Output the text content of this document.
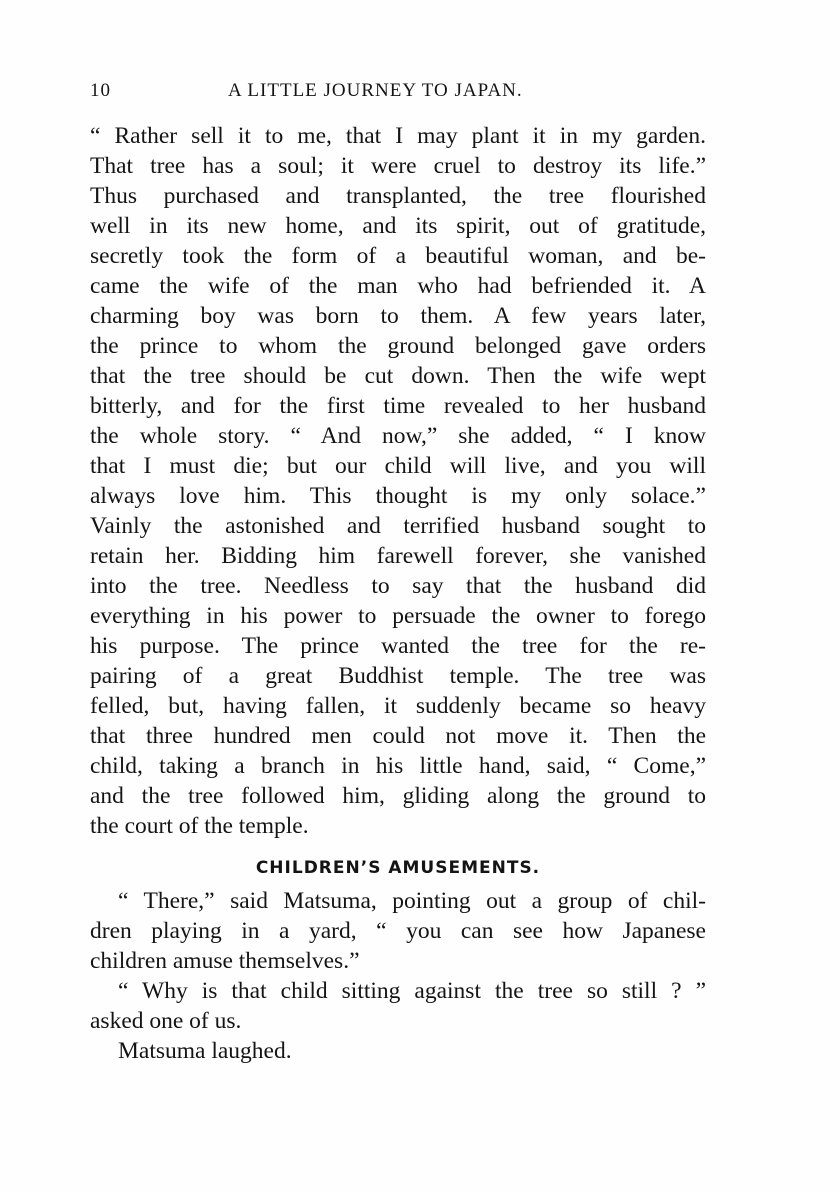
10	A LITTLE JOURNEY TO JAPAN.
“ Rather sell it to me, that I may plant it in my garden.
That tree has a soul; it were cruel to destroy its life.”
Thus purchased and transplanted, the tree flourished
well in its new home, and its spirit, out of gratitude,
secretly took the form of a beautiful woman, and be-
came the wife of the man who had befriended it. A
charming boy was born to them. A few years later,
the prince to whom the ground belonged gave orders
that the tree should be cut down. Then the wife wept
bitterly, and for the first time revealed to her husband
the whole story. “ And now,” she added, “ I know
that I must die; but our child will live, and you will
always love him. This thought is my only solace.”
Vainly the astonished and terrified husband sought to
retain her. Bidding him farewell forever, she vanished
into the tree. Needless to say that the husband did
everything in his power to persuade the owner to forego
his purpose. The prince wanted the tree for the re-
pairing of a great Buddhist temple. The tree was
felled, but, having fallen, it suddenly became so heavy
that three hundred men could not move it. Then the
child, taking a branch in his little hand, said, “ Come,”
and the tree followed him, gliding along the ground to
the court of the temple.
CHILDREN’S AMUSEMENTS.
“ There,” said Matsuma, pointing out a group of chil-
dren playing in a yard, “ you can see how Japanese
children amuse themselves.”
“ Why is that child sitting against the tree so still ? ”
asked one of us.
Matsuma laughed.
